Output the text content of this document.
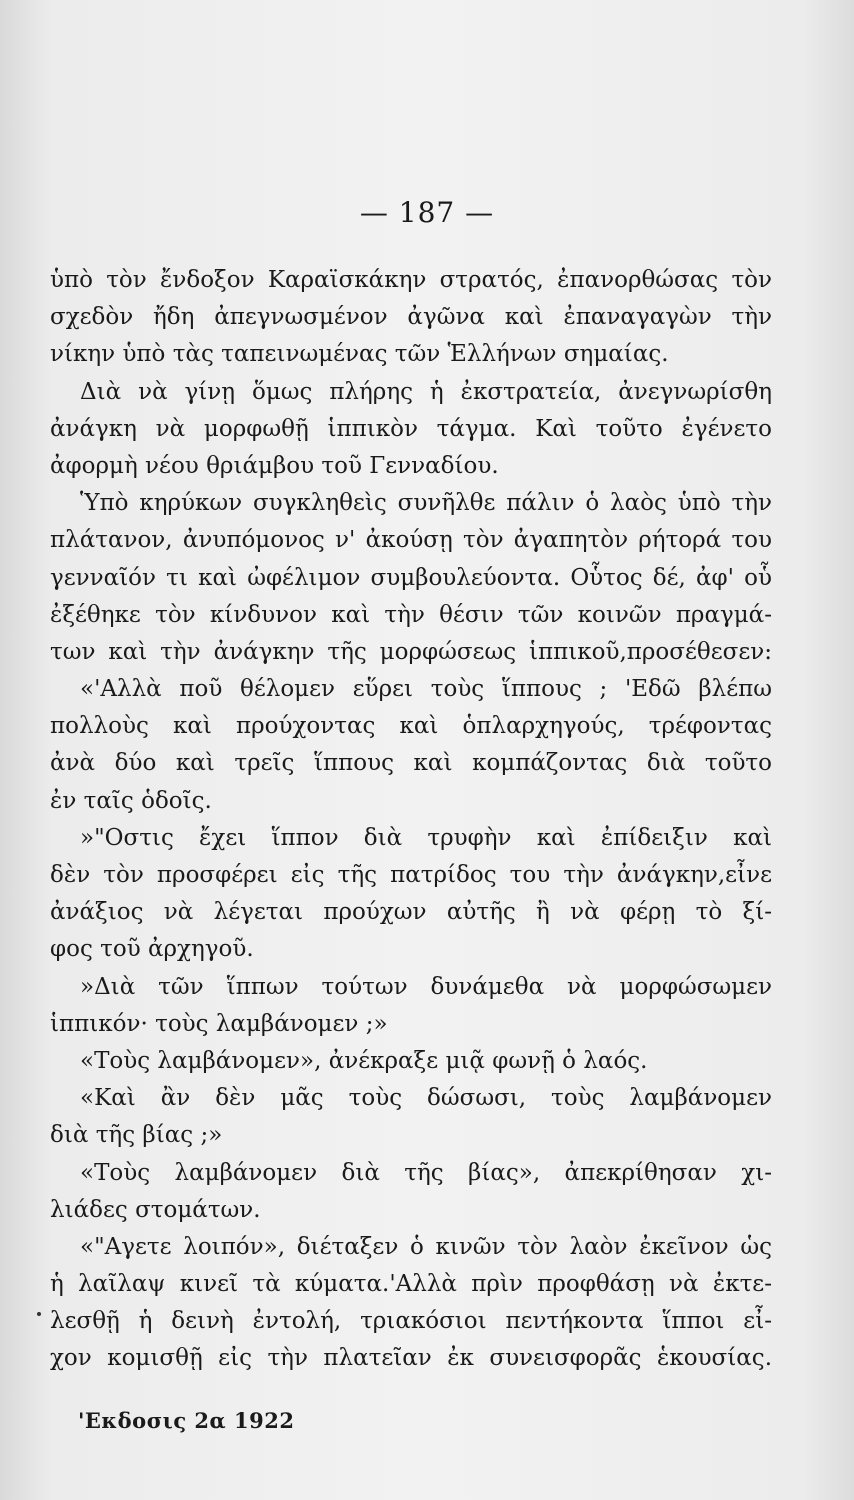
— 187 —
ὑπὸ τὸν ἔνδοξον Καραϊσκάκην στρατός, ἐπανορθώσας τὸν
σχεδὸν ἤδη ἀπεγνωσμένον ἀγῶνα καὶ ἐπαναγαγὼν τὴν
νίκην ὑπὸ τὰς ταπεινωμένας τῶν Ἑλλήνων σημαίας.
Διὰ νὰ γίνῃ ὅμως πλήρης ἡ ἐκστρατεία, ἀνεγνωρίσθη
ἀνάγκη νὰ μορφωθῇ ἱππικὸν τάγμα. Καὶ τοῦτο ἐγένετο
ἀφορμὴ νέου θριάμβου τοῦ Γενναδίου.
Ὑπὸ κηρύκων συγκληθεὶς συνῆλθε πάλιν ὁ λαὸς ὑπὸ τὴν
πλάτανον, ἀνυπόμονος ν' ἀκούσῃ τὸν ἀγαπητὸν ρήτορά του
γενναῖόν τι καὶ ὠφέλιμον συμβουλεύοντα. Οὗτος δέ, ἀφ' οὗ
ἐξέθηκε τὸν κίνδυνον καὶ τὴν θέσιν τῶν κοινῶν πραγμά-
των καὶ τὴν ἀνάγκην τῆς μορφώσεως ἱππικοῦ,προσέθεσεν:
«'Αλλὰ ποῦ θέλομεν εὕρει τοὺς ἵππους ; 'Εδῶ βλέπω
πολλοὺς καὶ προύχοντας καὶ ὁπλαρχηγούς, τρέφοντας
ἀνὰ δύο καὶ τρεῖς ἵππους καὶ κομπάζοντας διὰ τοῦτο
ἐν ταῖς ὁδοῖς.
»"Οστις ἔχει ἵππον διὰ τρυφὴν καὶ ἐπίδειξιν καὶ
δὲν τὸν προσφέρει εἰς τῆς πατρίδος του τὴν ἀνάγκην,εἶνε
ἀνάξιος νὰ λέγεται προύχων αὐτῆς ἢ νὰ φέρῃ τὸ ξί-
φος τοῦ ἀρχηγοῦ.
»Διὰ τῶν ἵππων τούτων δυνάμεθα νὰ μορφώσωμεν
ἱππικόν· τοὺς λαμβάνομεν ;»
«Τοὺς λαμβάνομεν», ἀνέκραξε μιᾷ φωνῇ ὁ λαός.
«Καὶ ἂν δὲν μᾶς τοὺς δώσωσι, τοὺς λαμβάνομεν
διὰ τῆς βίας ;»
«Τοὺς λαμβάνομεν διὰ τῆς βίας», ἀπεκρίθησαν χι-
λιάδες στομάτων.
«"Αγετε λοιπόν», διέταξεν ὁ κινῶν τὸν λαὸν ἐκεῖνον ὡς
ἡ λαῖλαψ κινεῖ τὰ κύματα.'Αλλὰ πρὶν προφθάσῃ νὰ ἐκτε-
λεσθῇ ἡ δεινὴ ἐντολή, τριακόσιοι πεντήκοντα ἵπποι εἶ-
χον κομισθῇ εἰς τὴν πλατεῖαν ἐκ συνεισφορᾶς ἑκουσίας.
'Εκδοσις 2α 1922
